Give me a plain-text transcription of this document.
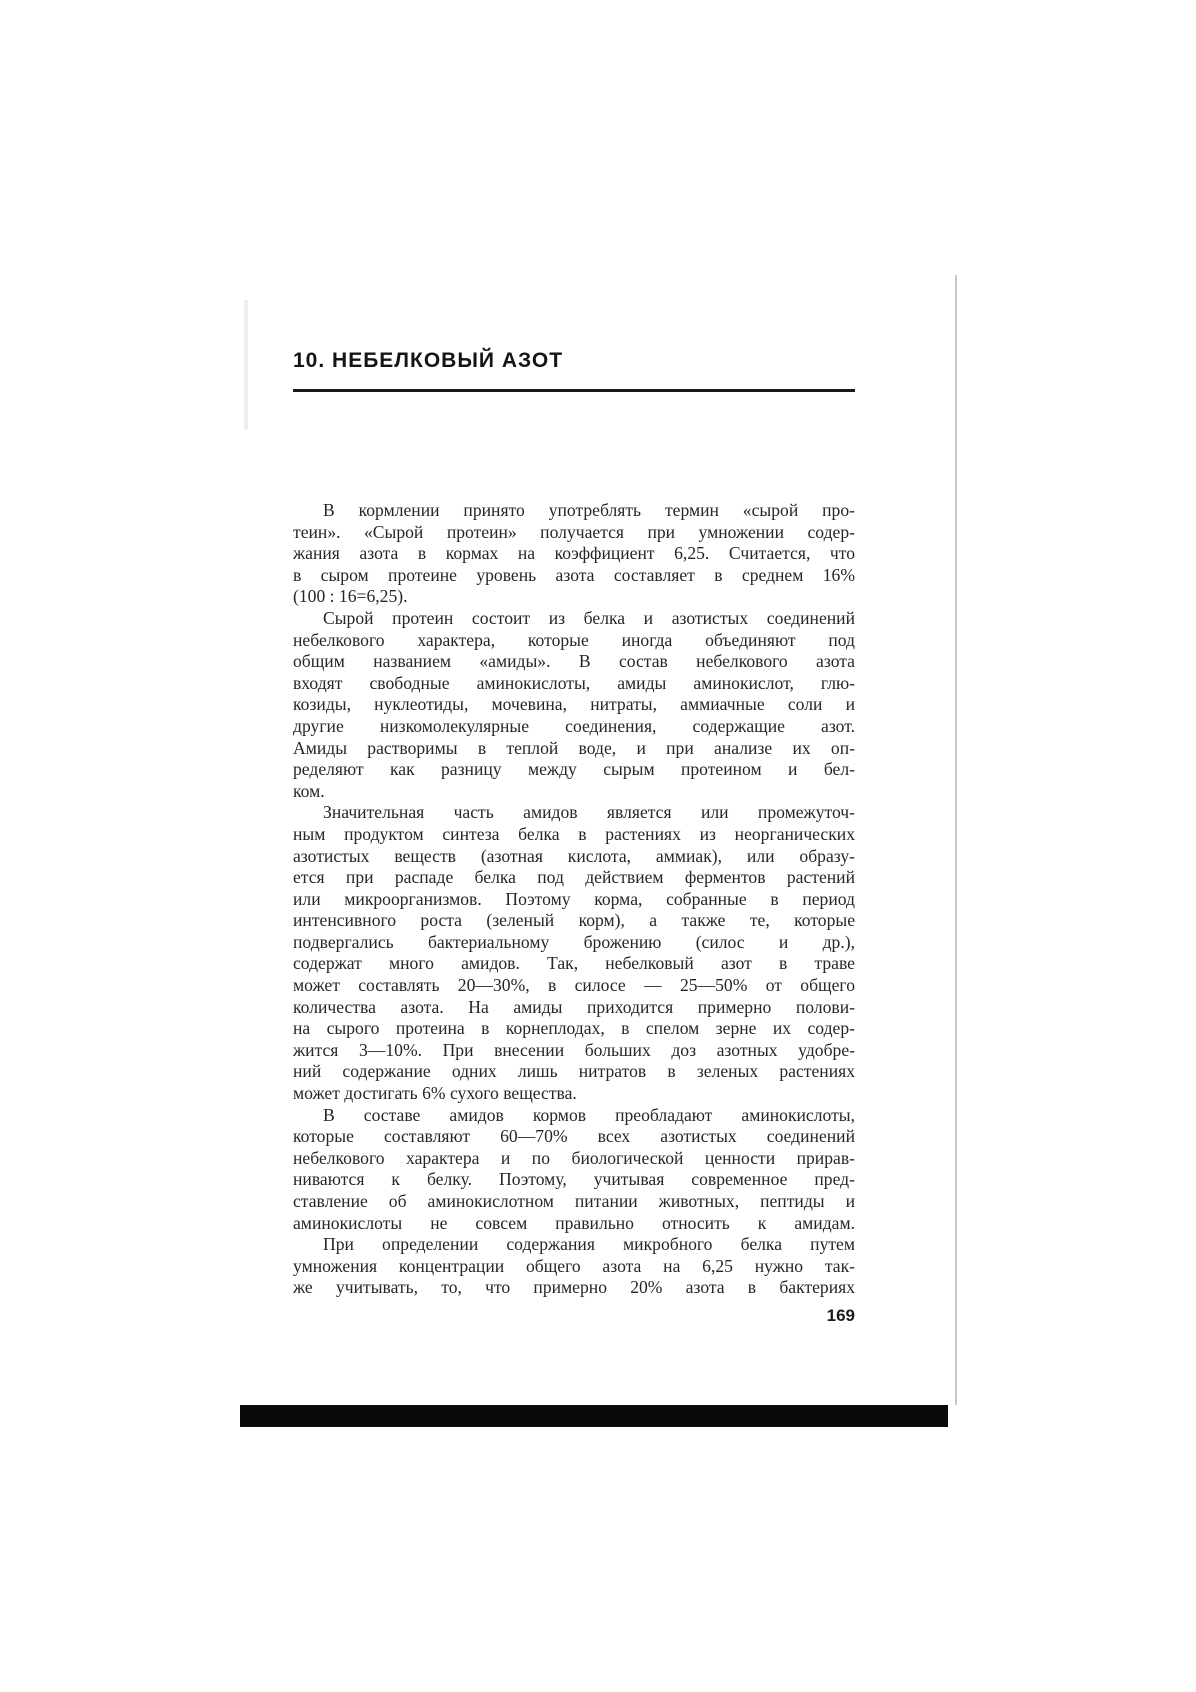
10. НЕБЕЛКОВЫЙ АЗОТ
В кормлении принято употреблять термин «сырой про-
теин». «Сырой протеин» получается при умножении содер-
жания азота в кормах на коэффициент 6,25. Считается, что
в сыром протеине уровень азота составляет в среднем 16%
(100 : 16=6,25).
Сырой протеин состоит из белка и азотистых соединений
небелкового характера, которые иногда объединяют под
общим названием «амиды». В состав небелкового азота
входят свободные аминокислоты, амиды аминокислот, глю-
козиды, нуклеотиды, мочевина, нитраты, аммиачные соли и
другие низкомолекулярные соединения, содержащие азот.
Амиды растворимы в теплой воде, и при анализе их оп-
ределяют как разницу между сырым протеином и бел-
ком.
Значительная часть амидов является или промежуточ-
ным продуктом синтеза белка в растениях из неорганических
азотистых веществ (азотная кислота, аммиак), или образу-
ется при распаде белка под действием ферментов растений
или микроорганизмов. Поэтому корма, собранные в период
интенсивного роста (зеленый корм), а также те, которые
подвергались бактериальному брожению (силос и др.),
содержат много амидов. Так, небелковый азот в траве
может составлять 20—30%, в силосе — 25—50% от общего
количества азота. На амиды приходится примерно полови-
на сырого протеина в корнеплодах, в спелом зерне их содер-
жится 3—10%. При внесении больших доз азотных удобре-
ний содержание одних лишь нитратов в зеленых растениях
может достигать 6% сухого вещества.
В составе амидов кормов преобладают аминокислоты,
которые составляют 60—70% всех азотистых соединений
небелкового характера и по биологической ценности прирав-
ниваются к белку. Поэтому, учитывая современное пред-
ставление об аминокислотном питании животных, пептиды и
аминокислоты не совсем правильно относить к амидам.
При определении содержания микробного белка путем
умножения концентрации общего азота на 6,25 нужно так-
же учитывать, то, что примерно 20% азота в бактериях
169
